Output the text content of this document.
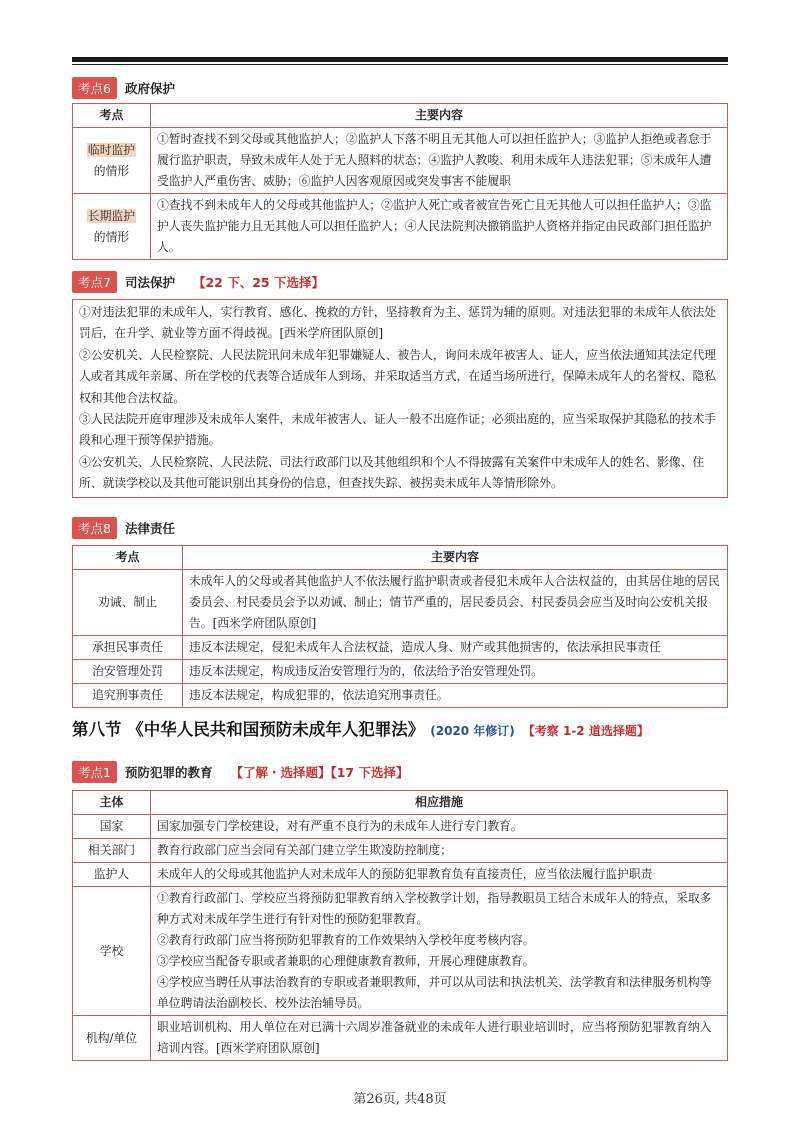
考点6	政府保护
考点	主要内容

临时监护
的情形	①暂时查找不到父母或其他监护人；②监护人下落不明且无其他人可以担任监护人；③监护人拒绝或者怠于履行监护职责，导致未成年人处于无人照料的状态；④监护人教唆、利用未成年人违法犯罪；⑤未成年人遭受监护人严重伤害、威胁；⑥监护人因客观原因或突发事害不能履职

长期监护
的情形	①查找不到未成年人的父母或其他监护人；②监护人死亡或者被宣告死亡且无其他人可以担任监护人；③监护人丧失监护能力且无其他人可以担任监护人；④人民法院判决撤销监护人资格并指定由民政部门担任监护人。
考点7	司法保护 【22 下、25 下选择】

①对违法犯罪的未成年人，实行教育、感化、挽救的方针，坚持教育为主、惩罚为辅的原则。对违法犯罪的未成年人依法处罚后，在升学、就业等方面不得歧视。[西米学府团队原创]

②公安机关、人民检察院、人民法院讯问未成年犯罪嫌疑人、被告人，询问未成年被害人、证人，应当依法通知其法定代理人或者其成年亲属、所在学校的代表等合适成年人到场，并采取适当方式，在适当场所进行，保障未成年人的名誉权、隐私权和其他合法权益。

③人民法院开庭审理涉及未成年人案件，未成年被害人、证人一般不出庭作证；必须出庭的，应当采取保护其隐私的技术手段和心理干预等保护措施。

④公安机关、人民检察院、人民法院、司法行政部门以及其他组织和个人不得披露有关案件中未成年人的姓名、影像、住所、就读学校以及其他可能识别出其身份的信息，但查找失踪、被拐卖未成年人等情形除外。

考点8	法律责任
考点	主要内容
劝诫、制止	未成年人的父母或者其他监护人不依法履行监护职责或者侵犯未成年人合法权益的，由其居住地的居民委员会、村民委员会予以劝诫、制止；情节严重的，居民委员会、村民委员会应当及时向公安机关报告。[西米学府团队原创]
承担民事责任	违反本法规定，侵犯未成年人合法权益，造成人身、财产或其他损害的，依法承担民事责任
治安管理处罚	违反本法规定，构成违反治安管理行为的，依法给予治安管理处罚。
追究刑事责任	违反本法规定，构成犯罪的，依法追究刑事责任。
第八节 《中华人民共和国预防未成年人犯罪法》 (2020 年修订) 【考察 1-2 道选择题】
考点1	预防犯罪的教育 【了解・选择题】【17 下选择】
主体	相应措施
国家	国家加强专门学校建设，对有严重不良行为的未成年人进行专门教育。
相关部门	教育行政部门应当会同有关部门建立学生欺凌防控制度；
监护人	未成年人的父母或其他监护人对未成年人的预防犯罪教育负有直接责任，应当依法履行监护职责
学校	①教育行政部门、学校应当将预防犯罪教育纳入学校教学计划，指导教职员工结合未成年人的特点，采取多种方式对未成年学生进行有针对性的预防犯罪教育。
②教育行政部门应当将预防犯罪教育的工作效果纳入学校年度考核内容。
③学校应当配备专职或者兼职的心理健康教育教师，开展心理健康教育。
④学校应当聘任从事法治教育的专职或者兼职教师，并可以从司法和执法机关、法学教育和法律服务机构等单位聘请法治副校长、校外法治辅导员。

机构/单位	职业培训机构、用人单位在对已满十六周岁准备就业的未成年人进行职业培训时，应当将预防犯罪教育纳入培训内容。[西米学府团队原创]
第26页, 共48页
